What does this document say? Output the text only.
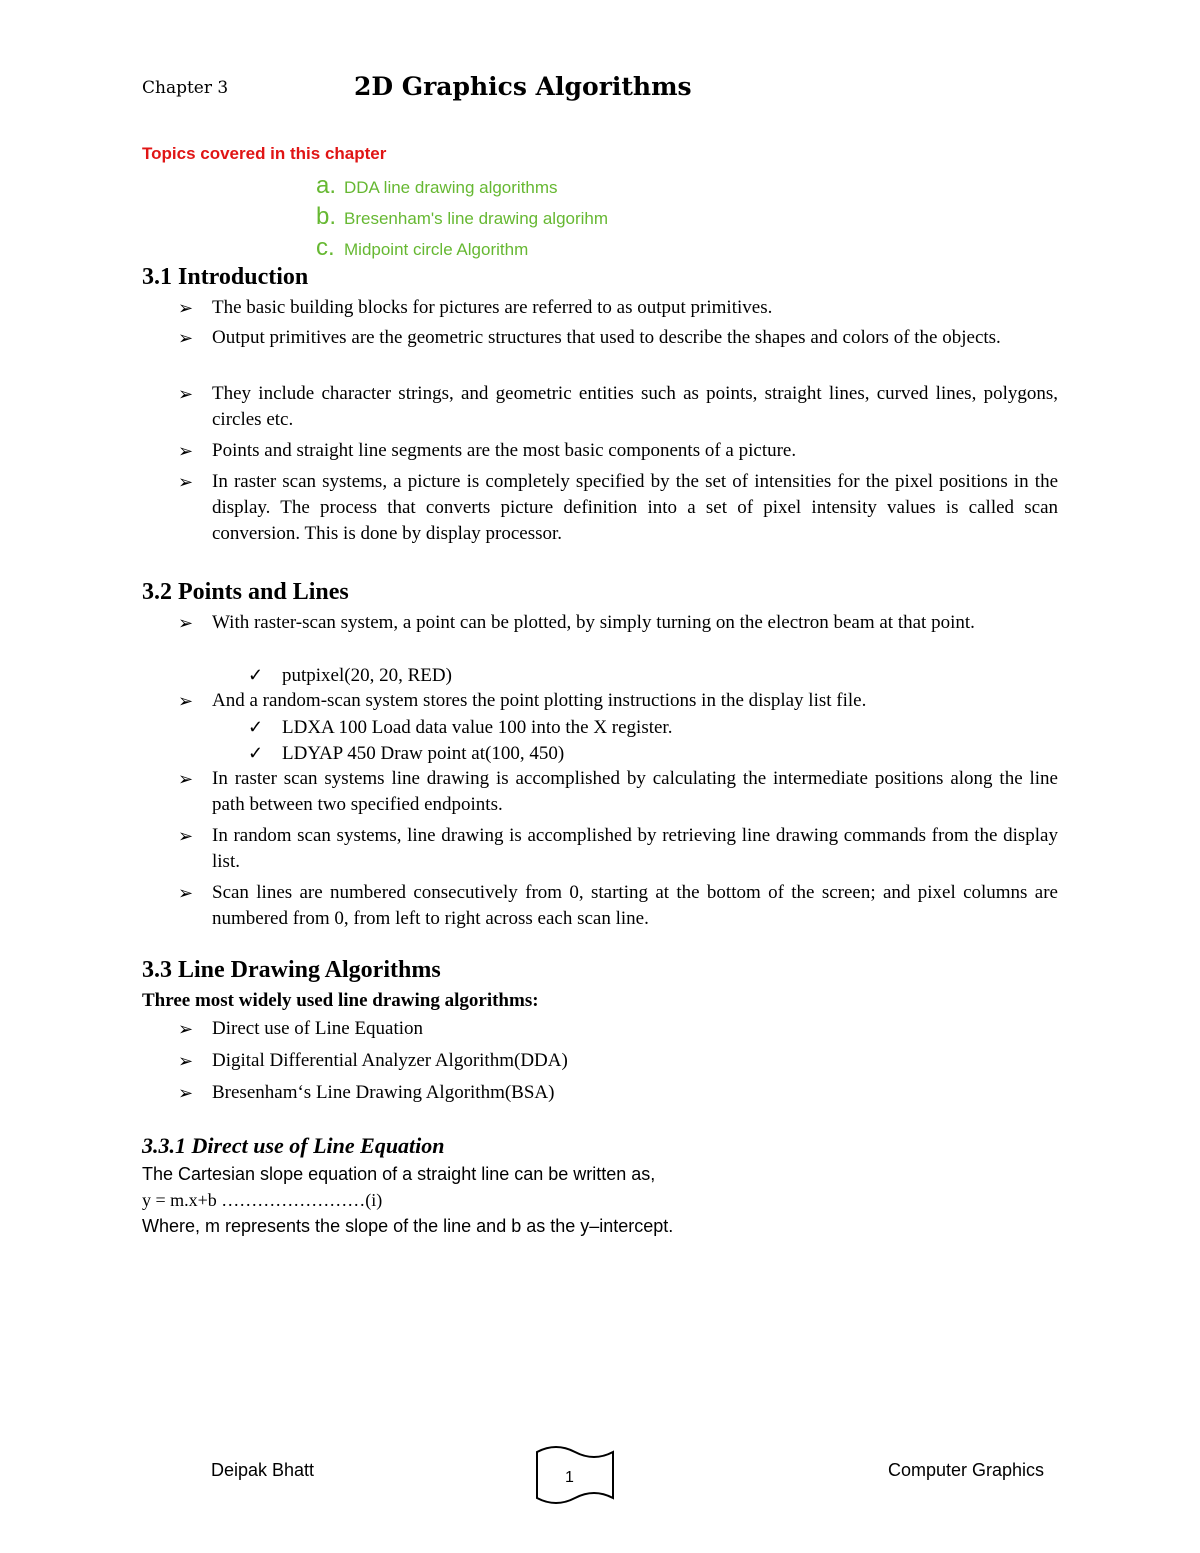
Chapter 3	2D Graphics Algorithms
Topics covered in this chapter
a. DDA line drawing algorithms
b. Bresenham's line drawing algorihm
c. Midpoint circle Algorithm
3.1 Introduction
➢ The basic building blocks for pictures are referred to as output primitives.
➢ Output primitives are the geometric structures that used to describe the shapes and colors of the objects.
➢ They include character strings, and geometric entities such as points, straight lines, curved lines, polygons, circles etc.
➢ Points and straight line segments are the most basic components of a picture.
➢ In raster scan systems, a picture is completely specified by the set of intensities for the pixel positions in the display. The process that converts picture definition into a set of pixel intensity values is called scan conversion. This is done by display processor.
3.2 Points and Lines
➢ With raster-scan system, a point can be plotted, by simply turning on the electron beam at that point.
✓ putpixel(20, 20, RED)
➢ And a random-scan system stores the point plotting instructions in the display list file.
✓ LDXA 100 Load data value 100 into the X register.
✓ LDYAP 450 Draw point at(100, 450)
➢ In raster scan systems line drawing is accomplished by calculating the intermediate positions along the line path between two specified endpoints.
➢ In random scan systems, line drawing is accomplished by retrieving line drawing commands from the display list.
➢ Scan lines are numbered consecutively from 0, starting at the bottom of the screen; and pixel columns are numbered from 0, from left to right across each scan line.
3.3 Line Drawing Algorithms
Three most widely used line drawing algorithms:
➢ Direct use of Line Equation
➢ Digital Differential Analyzer Algorithm(DDA)
➢ Bresenham‘s Line Drawing Algorithm(BSA)
3.3.1 Direct use of Line Equation
The Cartesian slope equation of a straight line can be written as,
y = m.x+b ……………………(i)
Where, m represents the slope of the line and b as the y–intercept.
Deipak Bhatt	1	Computer Graphics
